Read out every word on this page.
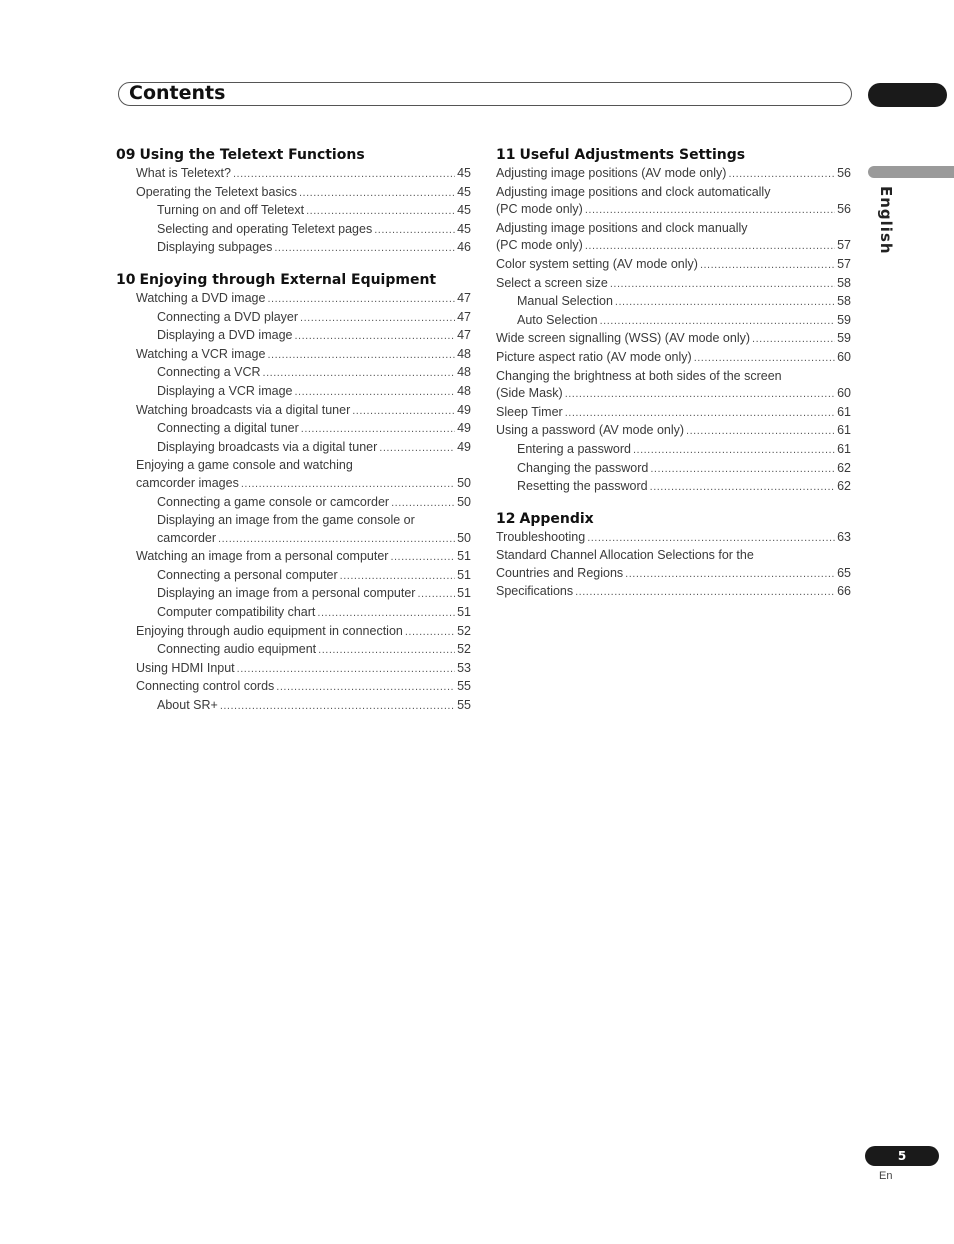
Contents
English
09 Using the Teletext Functions
What is Teletext? .....	45
Operating the Teletext basics .....	45
Turning on and off Teletext .....	45
Selecting and operating Teletext pages .....	45
Displaying subpages .....	46
10 Enjoying through External Equipment
Watching a DVD image .....	47
Connecting a DVD player .....	47
Displaying a DVD image .....	47
Watching a VCR image .....	48
Connecting a VCR .....	48
Displaying a VCR image .....	48
Watching broadcasts via a digital tuner .....	49
Connecting a digital tuner .....	49
Displaying broadcasts via a digital tuner .....	49
Enjoying a game console and watching
camcorder images .....	50
Connecting a game console or camcorder .....	50
Displaying an image from the game console or
camcorder .....	50
Watching an image from a personal computer .....	51
Connecting a personal computer .....	51
Displaying an image from a personal computer .....	51
Computer compatibility chart .....	51
Enjoying through audio equipment in connection .....	52
Connecting audio equipment .....	52
Using HDMI Input .....	53
Connecting control cords .....	55
About SR+ .....	55
11 Useful Adjustments Settings
Adjusting image positions (AV mode only) .....	56
Adjusting image positions and clock automatically
(PC mode only) .....	56
Adjusting image positions and clock manually
(PC mode only) .....	57
Color system setting (AV mode only) .....	57
Select a screen size .....	58
Manual Selection .....	58
Auto Selection .....	59
Wide screen signalling (WSS) (AV mode only) .....	59
Picture aspect ratio (AV mode only) .....	60
Changing the brightness at both sides of the screen
(Side Mask) .....	60
Sleep Timer .....	61
Using a password (AV mode only) .....	61
Entering a password .....	61
Changing the password .....	62
Resetting the password .....	62
12 Appendix
Troubleshooting .....	63
Standard Channel Allocation Selections for the
Countries and Regions .....	65
Specifications .....	66
5
En
